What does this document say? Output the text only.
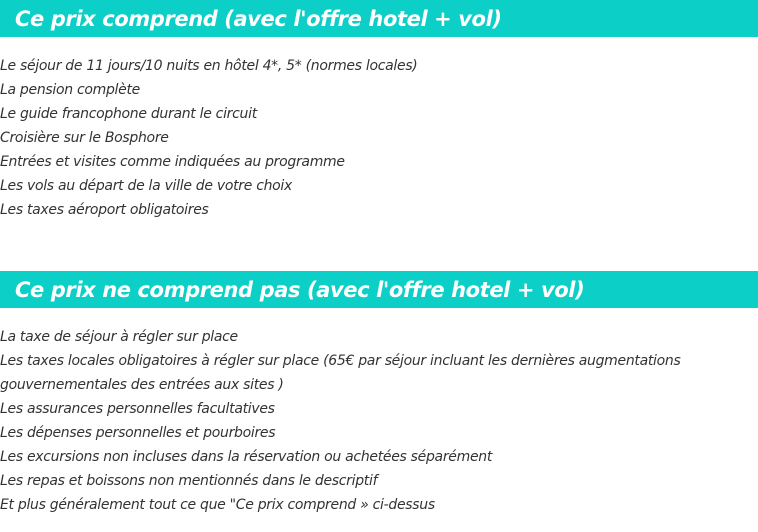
Ce prix comprend (avec l'offre hotel + vol)
Le séjour de 11 jours/10 nuits en hôtel 4*, 5* (normes locales)
La pension complète
Le guide francophone durant le circuit
Croisière sur le Bosphore
Entrées et visites comme indiquées au programme
Les vols au départ de la ville de votre choix
Les taxes aéroport obligatoires
Ce prix ne comprend pas (avec l'offre hotel + vol)
La taxe de séjour à régler sur place
Les taxes locales obligatoires à régler sur place (65€ par séjour incluant les dernières augmentations gouvernementales des entrées aux sites )
Les assurances personnelles facultatives
Les dépenses personnelles et pourboires
Les excursions non incluses dans la réservation ou achetées séparément
Les repas et boissons non mentionnés dans le descriptif
Et plus généralement tout ce que "Ce prix comprend » ci-dessus
